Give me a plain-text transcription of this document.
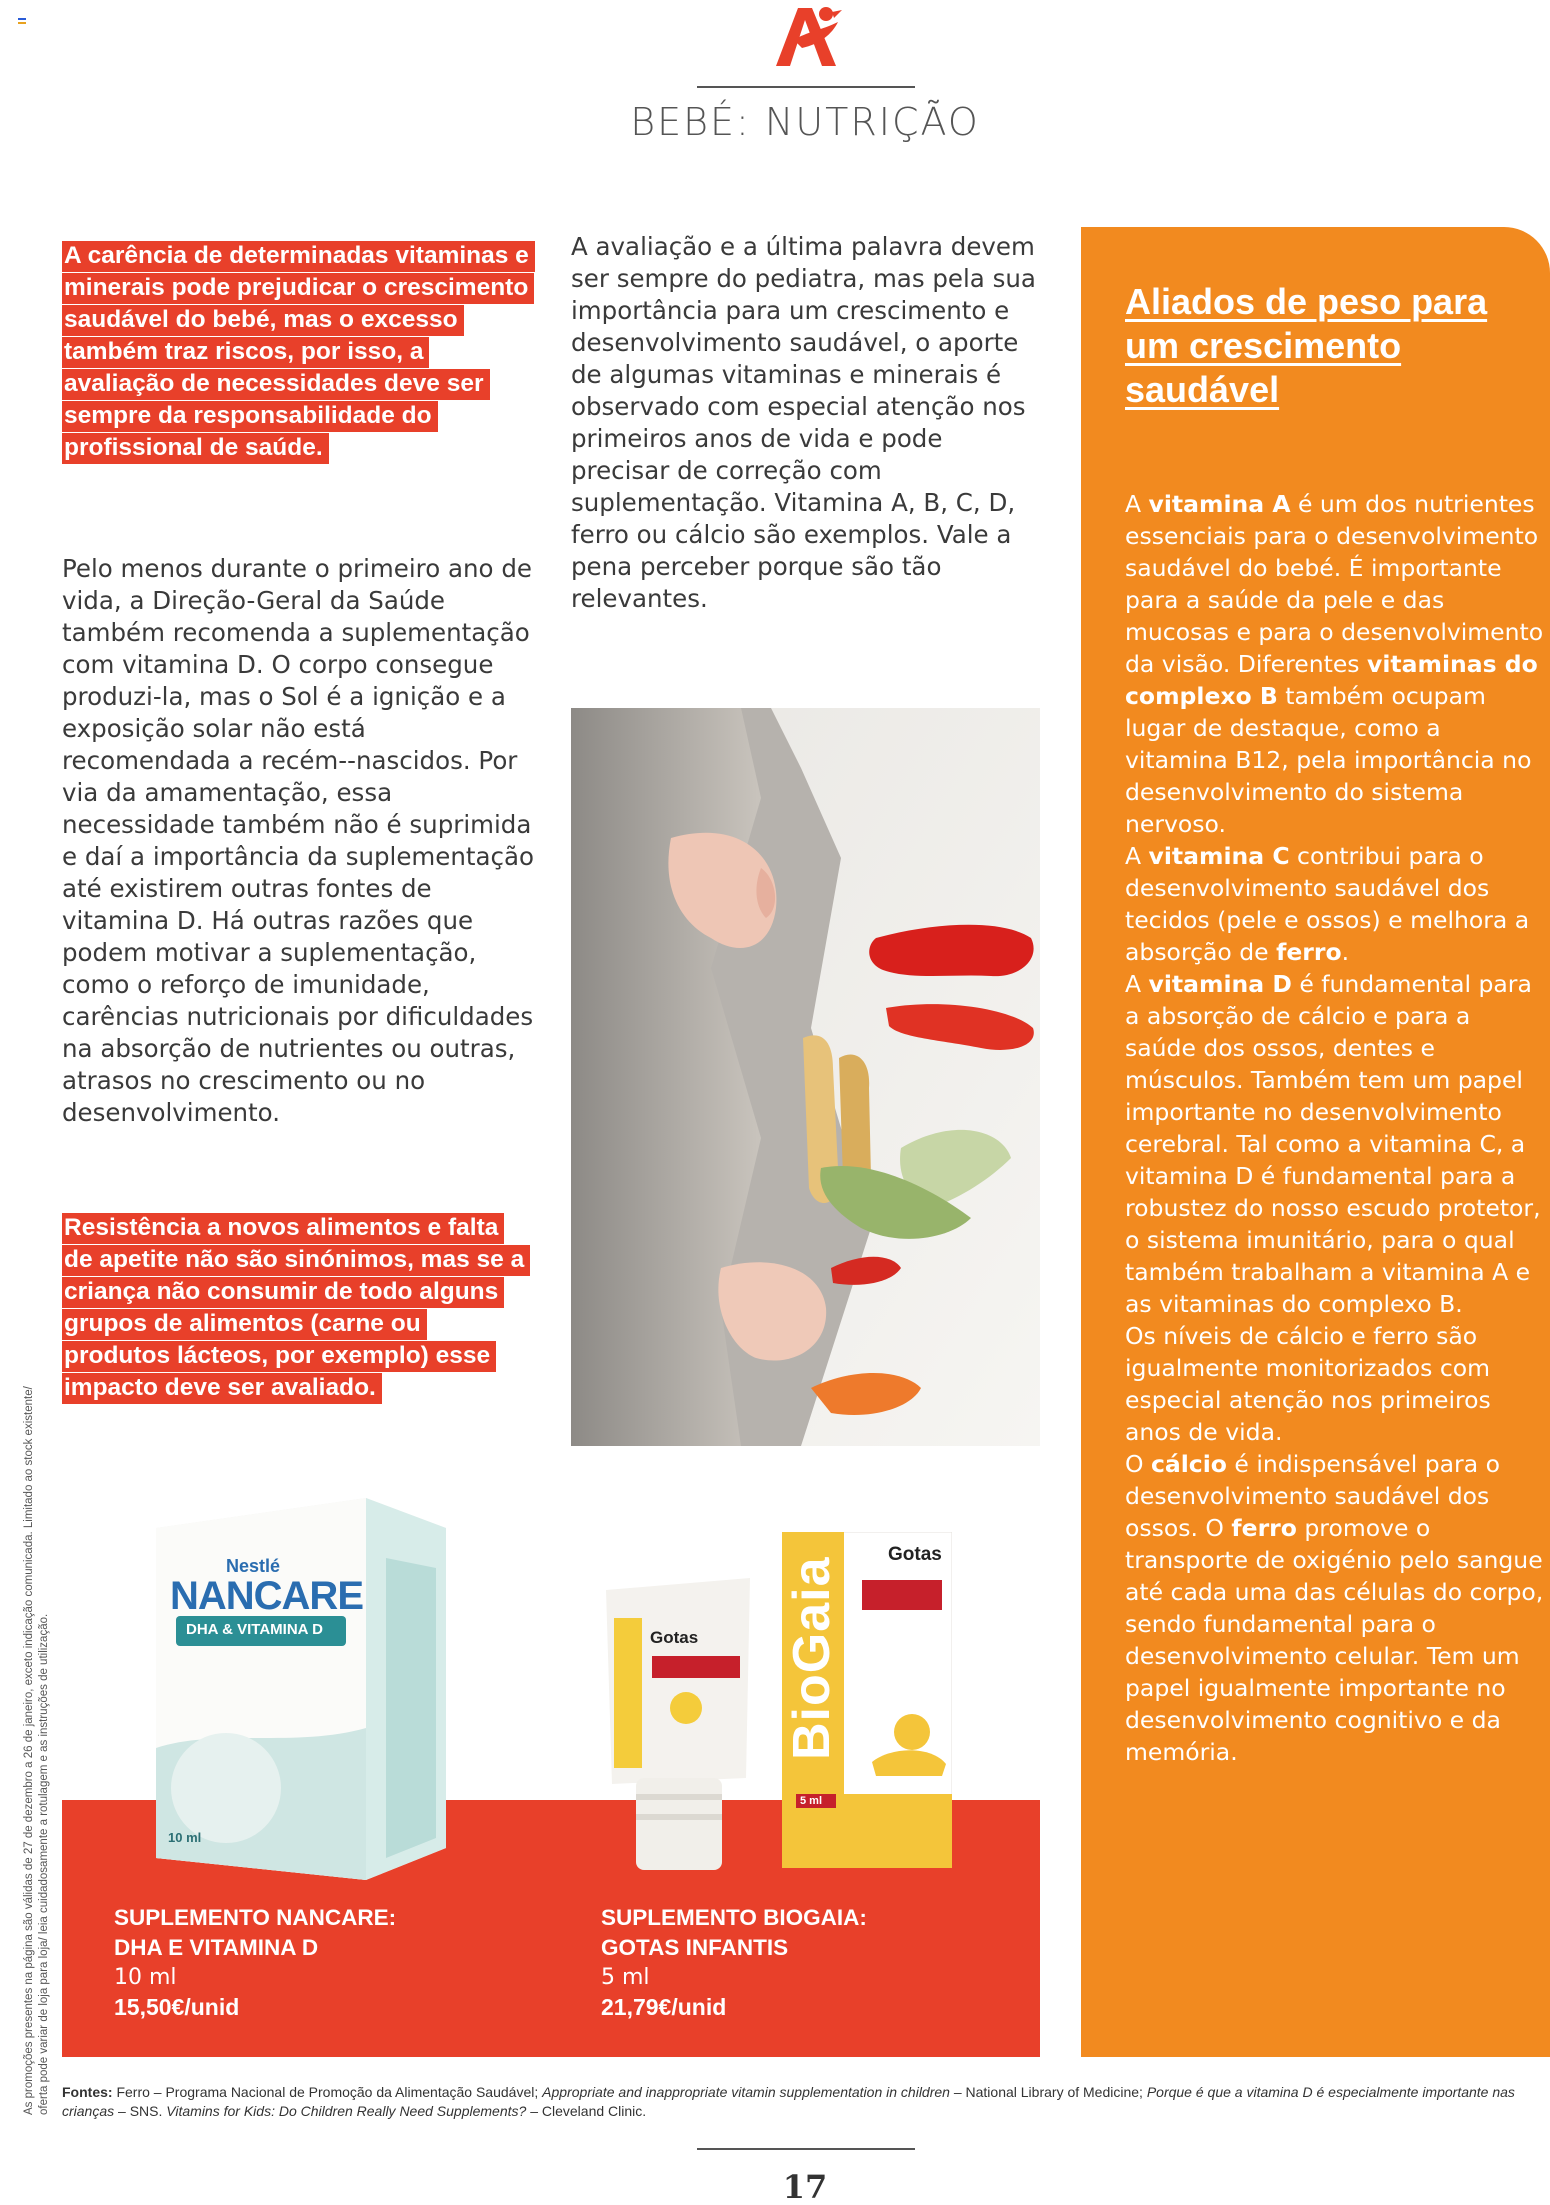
BEBÉ: NUTRIÇÃO
A carência de determinadas vitaminas e minerais pode prejudicar o crescimento saudável do bebé, mas o excesso também traz riscos, por isso, a avaliação de necessidades deve ser sempre da responsabilidade do profissional de saúde.
Pelo menos durante o primeiro ano de vida, a Direção-Geral da Saúde também recomenda a suplementação com vitamina D. O corpo consegue produzi-la, mas o Sol é a ignição e a exposição solar não está recomendada a recém--nascidos. Por via da amamentação, essa necessidade também não é suprimida e daí a importância da suplementação até existirem outras fontes de vitamina D. Há outras razões que podem motivar a suplementação, como o reforço de imunidade, carências nutricionais por dificuldades na absorção de nutrientes ou outras, atrasos no crescimento ou no desenvolvimento.
Resistência a novos alimentos e falta de apetite não são sinónimos, mas se a criança não consumir de todo alguns grupos de alimentos (carne ou produtos lácteos, por exemplo) esse impacto deve ser avaliado.
A avaliação e a última palavra devem ser sempre do pediatra, mas pela sua importância para um crescimento e desenvolvimento saudável, o aporte de algumas vitaminas e minerais é observado com especial atenção nos primeiros anos de vida e pode precisar de correção com suplementação. Vitamina A, B, C, D, ferro ou cálcio são exemplos. Vale a pena perceber porque são tão relevantes.
Aliados de peso para um crescimento saudável

A vitamina A é um dos nutrientes essenciais para o desenvolvimento saudável do bebé. É importante para a saúde da pele e das mucosas e para o desenvolvimento da visão. Diferentes vitaminas do complexo B também ocupam lugar de destaque, como a vitamina B12, pela importância no desenvolvimento do sistema nervoso.

A vitamina C contribui para o desenvolvimento saudável dos tecidos (pele e ossos) e melhora a absorção de ferro.

A vitamina D é fundamental para a absorção de cálcio e para a saúde dos ossos, dentes e músculos. Também tem um papel importante no desenvolvimento cerebral. Tal como a vitamina C, a vitamina D é fundamental para a robustez do nosso escudo protetor, o sistema imunitário, para o qual também trabalham a vitamina A e as vitaminas do complexo B.

Os níveis de cálcio e ferro são igualmente monitorizados com especial atenção nos primeiros anos de vida.

O cálcio é indispensável para o desenvolvimento saudável dos ossos. O ferro promove o transporte de oxigénio pelo sangue até cada uma das células do corpo, sendo fundamental para o desenvolvimento celular. Tem um papel igualmente importante no desenvolvimento cognitivo e da memória.

Nestlé
NANCARE
DHA & VITAMINA D
10 ml
Gotas BioGaia
Gotas
5 ml
SUPLEMENTO NANCARE:
DHA E VITAMINA D
10 ml
15,50€/unid
SUPLEMENTO BIOGAIA:
GOTAS INFANTIS
5 ml
21,79€/unid
Fontes: Ferro – Programa Nacional de Promoção da Alimentação Saudável; Appropriate and inappropriate vitamin supplementation in children – National Library of Medicine; Porque é que a vitamina D é especialmente importante nas crianças – SNS. Vitamins for Kids: Do Children Really Need Supplements? – Cleveland Clinic.
17
As promoções presentes na página são válidas de 27 de dezembro a 26 de janeiro, exceto indicação comunicada. Limitado ao stock existente/ oferta pode variar de loja para loja/ leia cuidadosamente a rotulagem e as instruções de utilização.
